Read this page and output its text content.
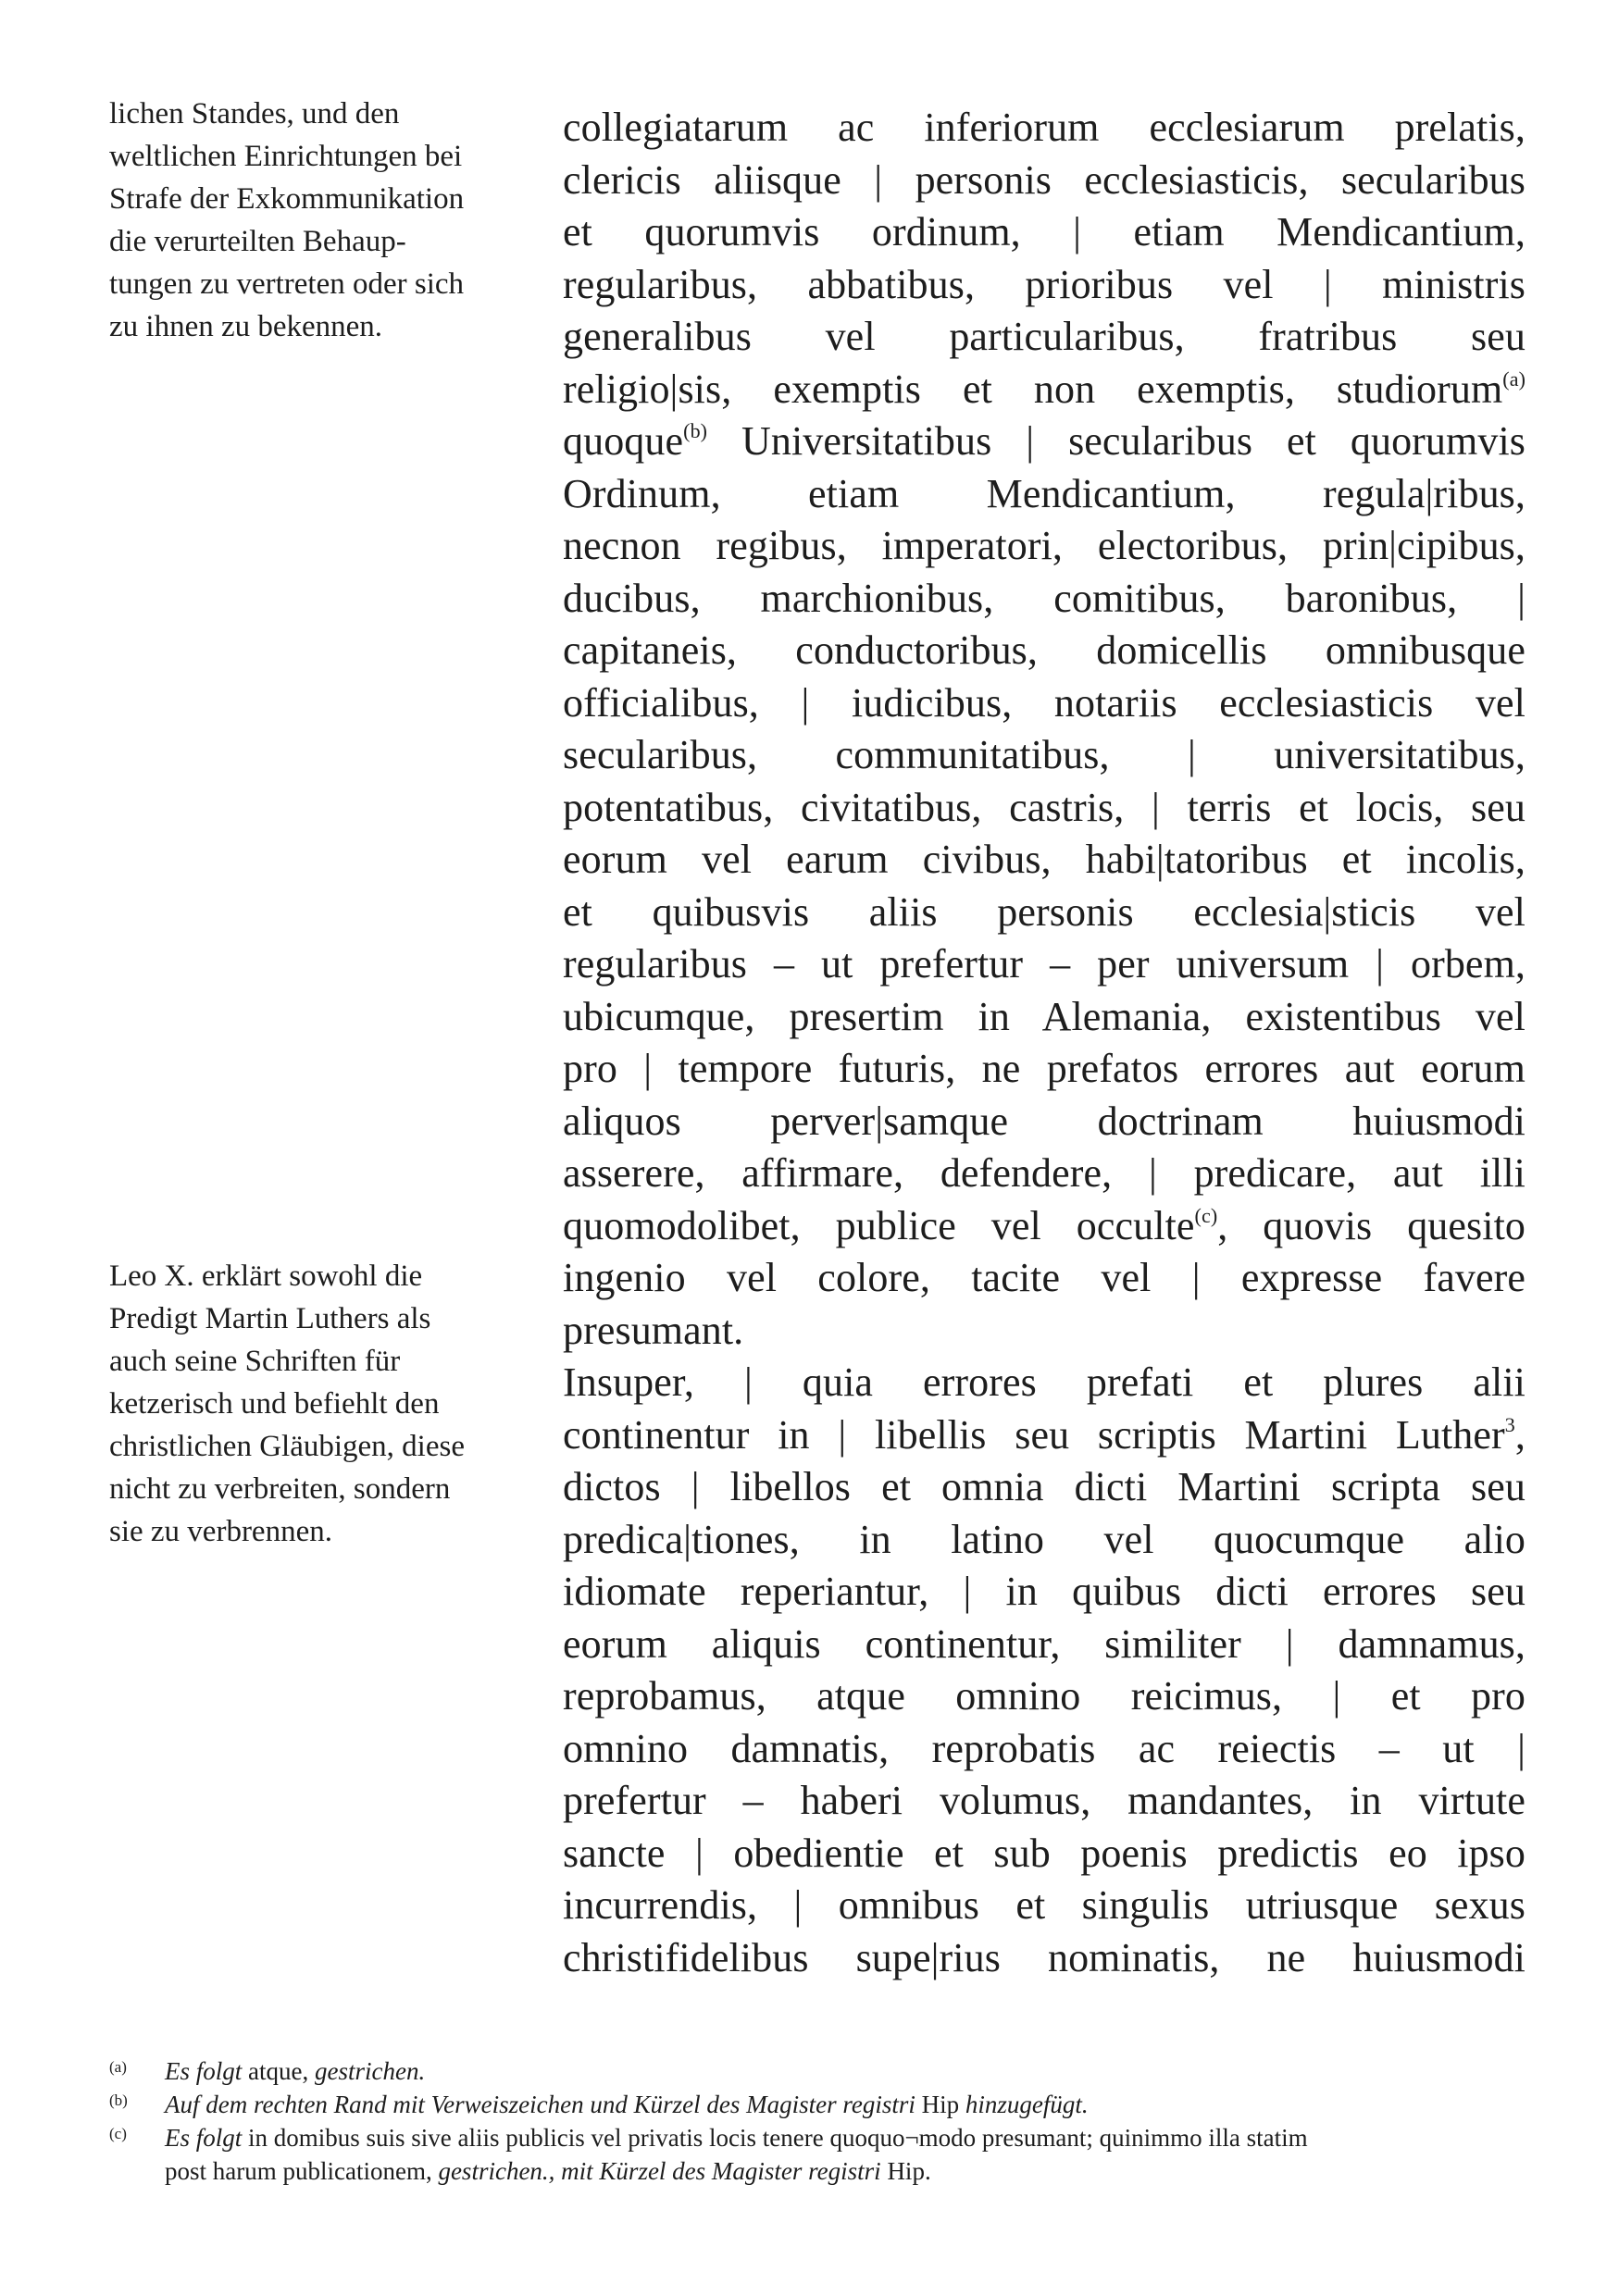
lichen Standes, und den
weltlichen Einrichtungen bei
Strafe der Exkommunikation
die verurteilten Behaup-
tungen zu vertreten oder sich
zu ihnen zu bekennen.
Leo X. erklärt sowohl die
Predigt Martin Luthers als
auch seine Schriften für
ketzerisch und befiehlt den
christlichen Gläubigen, diese
nicht zu verbreiten, sondern
sie zu verbrennen.
collegiatarum ac inferiorum ecclesiarum prelatis,
clericis aliisque | personis ecclesiasticis, secularibus
et quorumvis ordinum, | etiam Mendicantium,
regularibus, abbatibus, prioribus vel | ministris
generalibus vel particularibus, fratribus seu
religio|sis, exemptis et non exemptis, studiorum$^{(a)}$
quoque$^{(b)}$ Universitatibus | secularibus et quorumvis
Ordinum, etiam Mendicantium, regula|ribus,
necnon regibus, imperatori, electoribus, prin|cipibus,
ducibus, marchionibus, comitibus, baronibus, |
capitaneis, conductoribus, domicellis omnibusque
officialibus, | iudicibus, notariis ecclesiasticis vel
secularibus, communitatibus, | universitatibus,
potentatibus, civitatibus, castris, | terris et locis, seu
eorum vel earum civibus, habi|tatoribus et incolis,
et quibusvis aliis personis ecclesia|sticis vel
regularibus – ut prefertur – per universum | orbem,
ubicumque, presertim in Alemania, existentibus vel
pro | tempore futuris, ne prefatos errores aut eorum
aliquos perver|samque doctrinam huiusmodi
asserere, affirmare, defendere, | predicare, aut illi
quomodolibet, publice vel occulte$^{(c)}$, quovis quesito
ingenio vel colore, tacite vel | expresse favere
presumant.
Insuper, | quia errores prefati et plures alii
continentur in | libellis seu scriptis Martini Luther$^3$,
dictos | libellos et omnia dicti Martini scripta seu
predica|tiones, in latino vel quocumque alio
idiomate reperiantur, | in quibus dicti errores seu
eorum aliquis continentur, similiter | damnamus,
reprobamus, atque omnino reicimus, | et pro
omnino damnatis, reprobatis ac reiectis – ut |
prefertur – haberi volumus, mandantes, in virtute
sancte | obedientie et sub poenis predictis eo ipso
incurrendis, | omnibus et singulis utriusque sexus
christifidelibus supe|rius nominatis, ne huiusmodi
(a) Es folgt atque, gestrichen.
(b) Auf dem rechten Rand mit Verweiszeichen und Kürzel des Magister registri Hip hinzugefügt.
(c) Es folgt in domibus suis sive aliis publicis vel privatis locis tenere quoquo¬modo presumant; quinimmo illa statim
post harum publicationem, gestrichen., mit Kürzel des Magister registri Hip.
